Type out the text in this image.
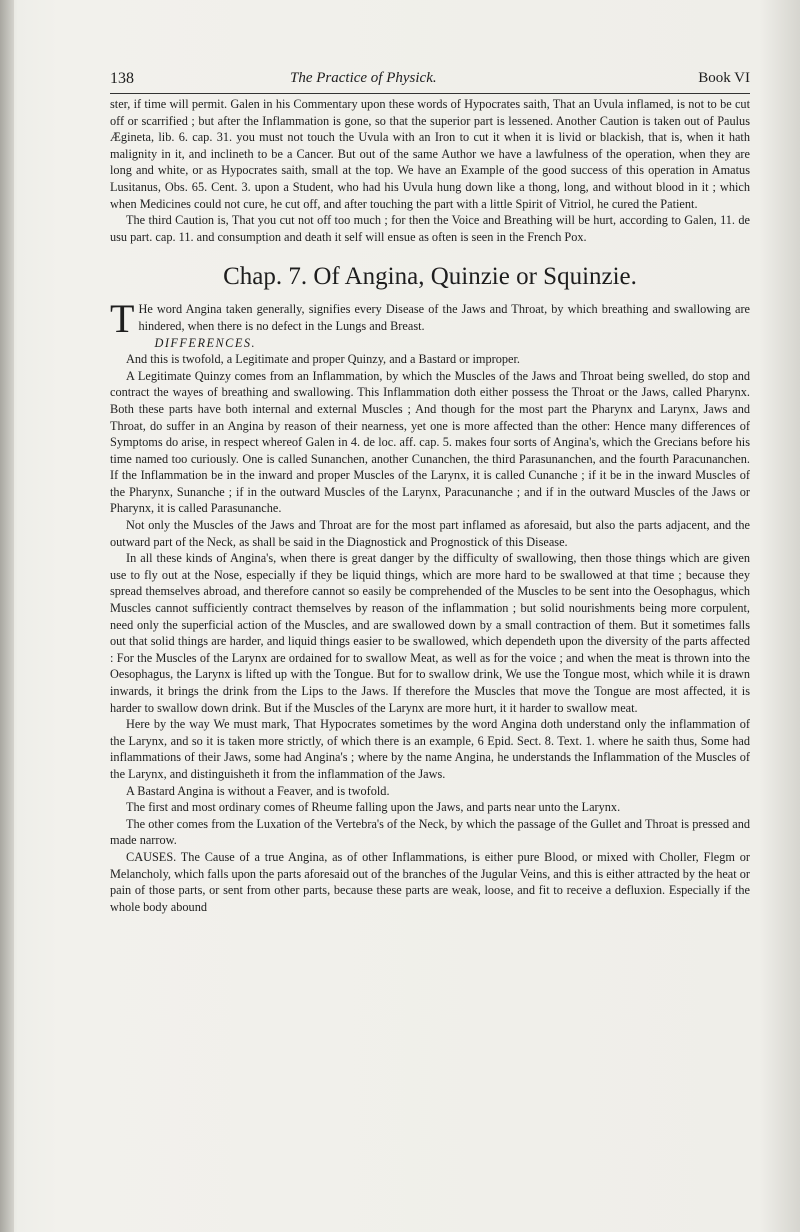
138	The Practice of Physick.	Book VI

ster, if time will permit. Galen in his Commentary upon these words of Hypocrates saith, That an Uvula inflamed, is not to be cut off or scarrified ; but after the Inflammation is gone, so that the superior part is lessened. Another Caution is taken out of Paulus Ægineta, lib. 6. cap. 31. you must not touch the Uvula with an Iron to cut it when it is livid or blackish, that is, when it hath malignity in it, and inclineth to be a Cancer. But out of the same Author we have a lawfulness of the operation, when they are long and white, or as Hypocrates saith, small at the top. We have an Example of the good success of this operation in Amatus Lusitanus, Obs. 65. Cent. 3. upon a Student, who had his Uvula hung down like a thong, long, and without blood in it ; which when Medicines could not cure, he cut off, and after touching the part with a little Spirit of Vitriol, he cured the Patient.

The third Caution is, That you cut not off too much ; for then the Voice and Breathing will be hurt, according to Galen, 11. de usu part. cap. 11. and consumption and death it self will ensue as often is seen in the French Pox.

Chap. 7. Of Angina, Quinzie or Squinzie.

T He word Angina taken generally, signifies every Disease of the Jaws and Throat, by which breathing and swallowing are hindered, when there is no defect in the Lungs and Breast.

DIFFERENCES.

And this is twofold, a Legitimate and proper Quinzy, and a Bastard or improper.

A Legitimate Quinzy comes from an Inflammation, by which the Muscles of the Jaws and Throat being swelled, do stop and contract the wayes of breathing and swallowing. This Inflammation doth either possess the Throat or the Jaws, called Pharynx. Both these parts have both internal and external Muscles ; And though for the most part the Pharynx and Larynx, Jaws and Throat, do suffer in an Angina by reason of their nearness, yet one is more affected than the other: Hence many differences of Symptoms do arise, in respect whereof Galen in 4. de loc. aff. cap. 5. makes four sorts of Angina's, which the Grecians before his time named too curiously. One is called Sunanchen, another Cunanchen, the third Parasunanchen, and the fourth Paracunanchen. If the Inflammation be in the inward and proper Muscles of the Larynx, it is called Cunanche ; if it be in the inward Muscles of the Pharynx, Sunanche ; if in the outward Muscles of the Larynx, Paracunanche ; and if in the outward Muscles of the Jaws or Pharynx, it is called Parasunanche.

Not only the Muscles of the Jaws and Throat are for the most part inflamed as aforesaid, but also the parts adjacent, and the outward part of the Neck, as shall be said in the Diagnostick and Prognostick of this Disease.

In all these kinds of Angina's, when there is great danger by the difficulty of swallowing, then those things which are given use to fly out at the Nose, especially if they be liquid things, which are more hard to be swallowed at that time ; because they spread themselves abroad, and therefore cannot so easily be comprehended of the Muscles to be sent into the Oesophagus, which Muscles cannot sufficiently contract themselves by reason of the inflammation ; but solid nourishments being more corpulent, need only the superficial action of the Muscles, and are swallowed down by a small contraction of them. But it sometimes falls out that solid things are harder, and liquid things easier to be swallowed, which dependeth upon the diversity of the parts affected : For the Muscles of the Larynx are ordained for to swallow Meat, as well as for the voice ; and when the meat is thrown into the Oesophagus, the Larynx is lifted up with the Tongue. But for to swallow drink, We use the Tongue most, which while it is drawn inwards, it brings the drink from the Lips to the Jaws. If therefore the Muscles that move the Tongue are most affected, it is harder to swallow down drink. But if the Muscles of the Larynx are more hurt, it it harder to swallow meat.

Here by the way We must mark, That Hypocrates sometimes by the word Angina doth understand only the inflammation of the Larynx, and so it is taken more strictly, of which there is an example, 6 Epid. Sect. 8. Text. 1. where he saith thus, Some had inflammations of their Jaws, some had Angina's ; where by the name Angina, he understands the Inflammation of the Muscles of the Larynx, and distinguisheth it from the inflammation of the Jaws.

A Bastard Angina is without a Feaver, and is twofold.

The first and most ordinary comes of Rheume falling upon the Jaws, and parts near unto the Larynx.

The other comes from the Luxation of the Vertebra's of the Neck, by which the passage of the Gullet and Throat is pressed and made narrow.

CAUSES. The Cause of a true Angina, as of other Inflammations, is either pure Blood, or mixed with Choller, Flegm or Melancholy, which falls upon the parts aforesaid out of the branches of the Jugular Veins, and this is either attracted by the heat or pain of those parts, or sent from other parts, because these parts are weak, loose, and fit to receive a defluxion. Especially if the whole body abound
